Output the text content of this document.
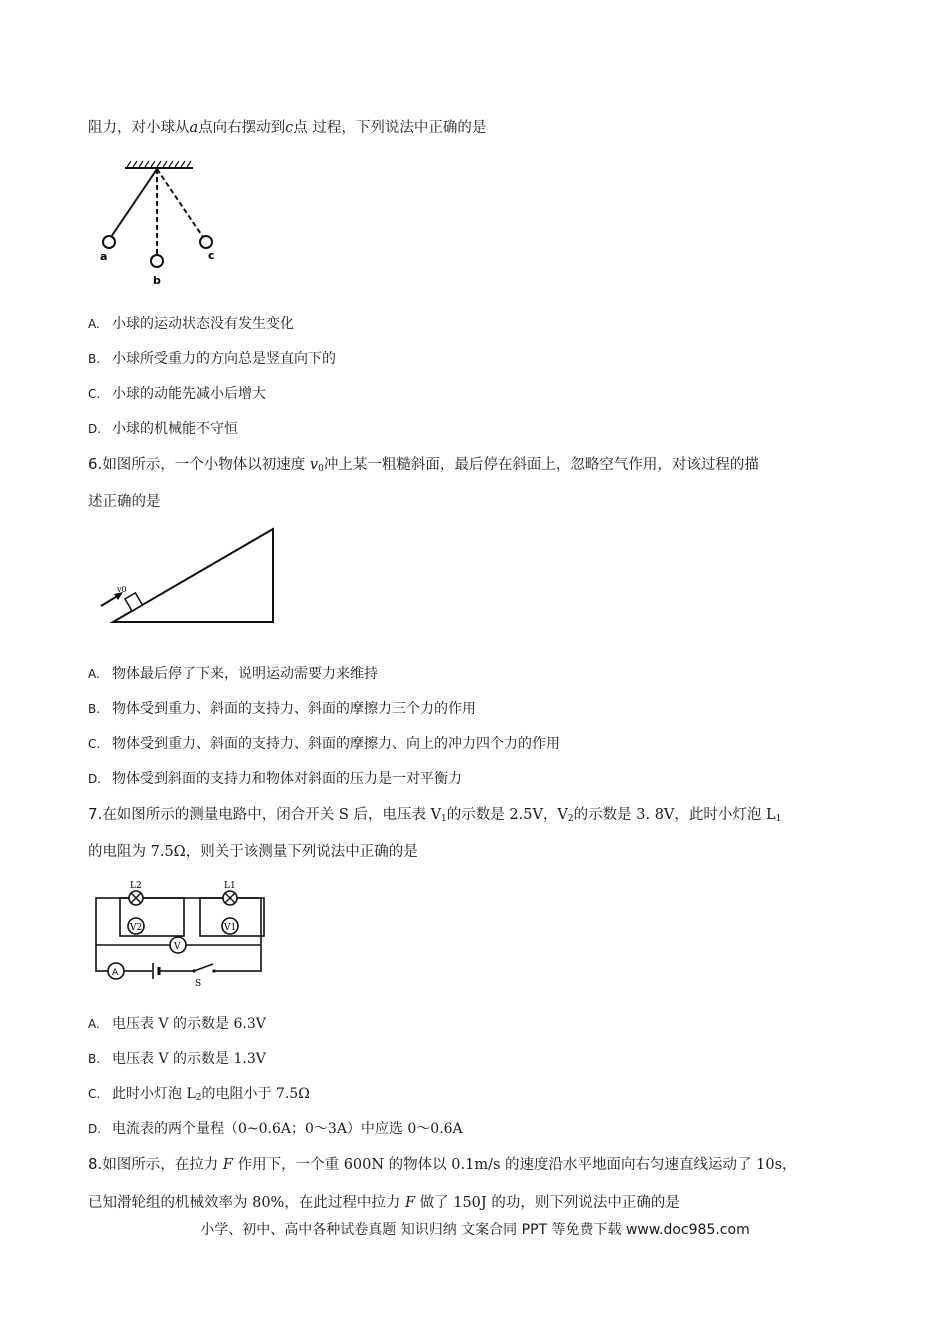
阻力，对小球从a点向右摆动到c点 过程，下列说法中正确的是
a
b
c
A. 小球的运动状态没有发生变化
B. 小球所受重力的方向总是竖直向下的
C. 小球的动能先减小后增大
D. 小球的机械能不守恒
6.如图所示，一个小物体以初速度 $v_0$冲上某一粗糙斜面，最后停在斜面上，忽略空气作用，对该过程的描
述正确的是
v0
A. 物体最后停了下来，说明运动需要力来维持
B. 物体受到重力、斜面的支持力、斜面的摩擦力三个力的作用
C. 物体受到重力、斜面的支持力、斜面的摩擦力、向上的冲力四个力的作用
D. 物体受到斜面的支持力和物体对斜面的压力是一对平衡力
7.在如图所示的测量电路中，闭合开关 S 后，电压表 $V_1$的示数是 2.5V，$V_2$的示数是 3. 8V，此时小灯泡 $L_1$
的电阻为 7.5Ω，则关于该测量下列说法中正确的是
L2	L1
V2	V1
V
A
S
A. 电压表 V 的示数是 6.3V
B. 电压表 V 的示数是 1.3V
C. 此时小灯泡 $L_2$的电阻小于 7.5Ω
D. 电流表的两个量程（0~0.6A；0～3A）中应选 0～0.6A
8.如图所示，在拉力 F 作用下，一个重 600N 的物体以 0.1m/s 的速度沿水平地面向右匀速直线运动了 10s，
已知滑轮组的机械效率为 80%，在此过程中拉力 F 做了 150J 的功，则下列说法中正确的是
小学、初中、高中各种试卷真题 知识归纳 文案合同 PPT 等免费下载 www.doc985.com
